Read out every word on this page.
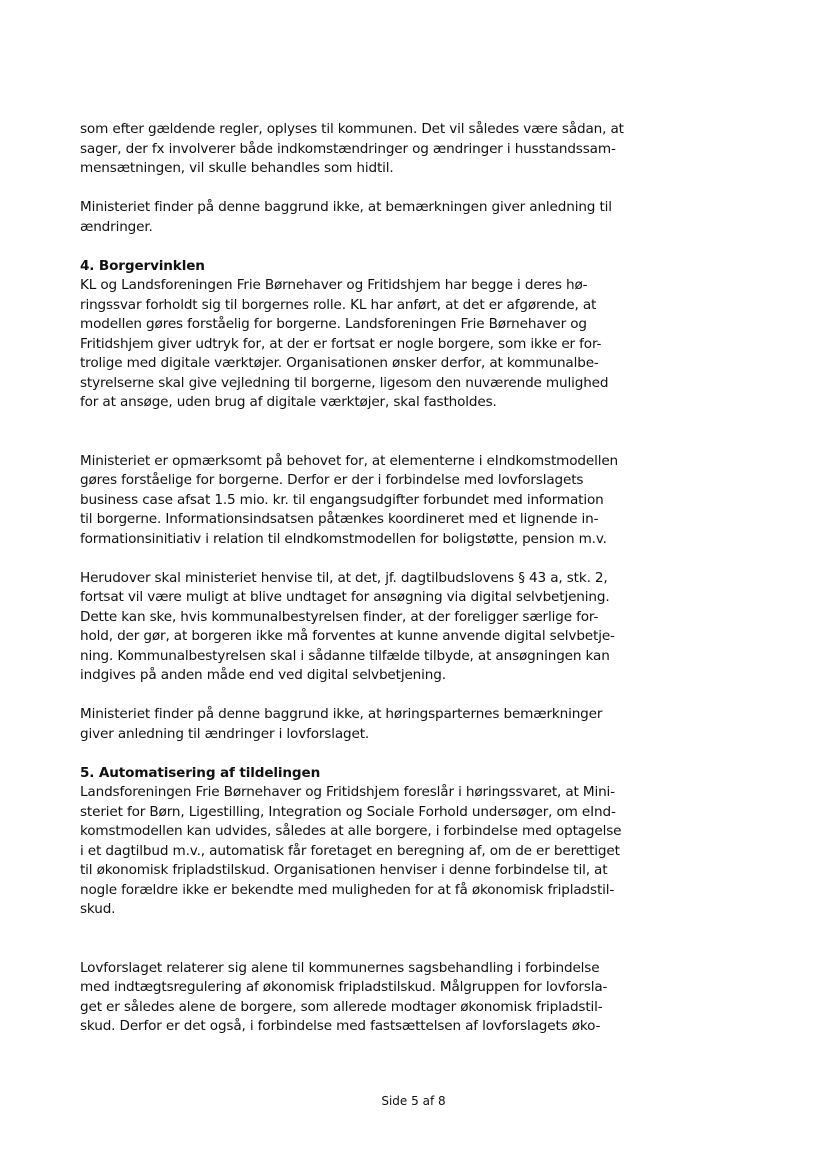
som efter gældende regler, oplyses til kommunen. Det vil således være sådan, at
sager, der fx involverer både indkomstændringer og ændringer i husstandssam-
mensætningen, vil skulle behandles som hidtil.
Ministeriet finder på denne baggrund ikke, at bemærkningen giver anledning til
ændringer.
4. Borgervinklen
KL og Landsforeningen Frie Børnehaver og Fritidshjem har begge i deres hø-
ringssvar forholdt sig til borgernes rolle. KL har anført, at det er afgørende, at
modellen gøres forståelig for borgerne. Landsforeningen Frie Børnehaver og
Fritidshjem giver udtryk for, at der er fortsat er nogle borgere, som ikke er for-
trolige med digitale værktøjer. Organisationen ønsker derfor, at kommunalbe-
styrelserne skal give vejledning til borgerne, ligesom den nuværende mulighed
for at ansøge, uden brug af digitale værktøjer, skal fastholdes.
Ministeriet er opmærksomt på behovet for, at elementerne i eIndkomstmodellen
gøres forståelige for borgerne. Derfor er der i forbindelse med lovforslagets
business case afsat 1.5 mio. kr. til engangsudgifter forbundet med information
til borgerne. Informationsindsatsen påtænkes koordineret med et lignende in-
formationsinitiativ i relation til eIndkomstmodellen for boligstøtte, pension m.v.
Herudover skal ministeriet henvise til, at det, jf. dagtilbudslovens § 43 a, stk. 2,
fortsat vil være muligt at blive undtaget for ansøgning via digital selvbetjening.
Dette kan ske, hvis kommunalbestyrelsen finder, at der foreligger særlige for-
hold, der gør, at borgeren ikke må forventes at kunne anvende digital selvbetje-
ning. Kommunalbestyrelsen skal i sådanne tilfælde tilbyde, at ansøgningen kan
indgives på anden måde end ved digital selvbetjening.
Ministeriet finder på denne baggrund ikke, at høringsparternes bemærkninger
giver anledning til ændringer i lovforslaget.
5. Automatisering af tildelingen
Landsforeningen Frie Børnehaver og Fritidshjem foreslår i høringssvaret, at Mini-
steriet for Børn, Ligestilling, Integration og Sociale Forhold undersøger, om eInd-
komstmodellen kan udvides, således at alle borgere, i forbindelse med optagelse
i et dagtilbud m.v., automatisk får foretaget en beregning af, om de er berettiget
til økonomisk fripladstilskud. Organisationen henviser i denne forbindelse til, at
nogle forældre ikke er bekendte med muligheden for at få økonomisk fripladstil-
skud.
Lovforslaget relaterer sig alene til kommunernes sagsbehandling i forbindelse
med indtægtsregulering af økonomisk fripladstilskud. Målgruppen for lovforsla-
get er således alene de borgere, som allerede modtager økonomisk fripladstil-
skud. Derfor er det også, i forbindelse med fastsættelsen af lovforslagets øko-
Side 5 af 8
